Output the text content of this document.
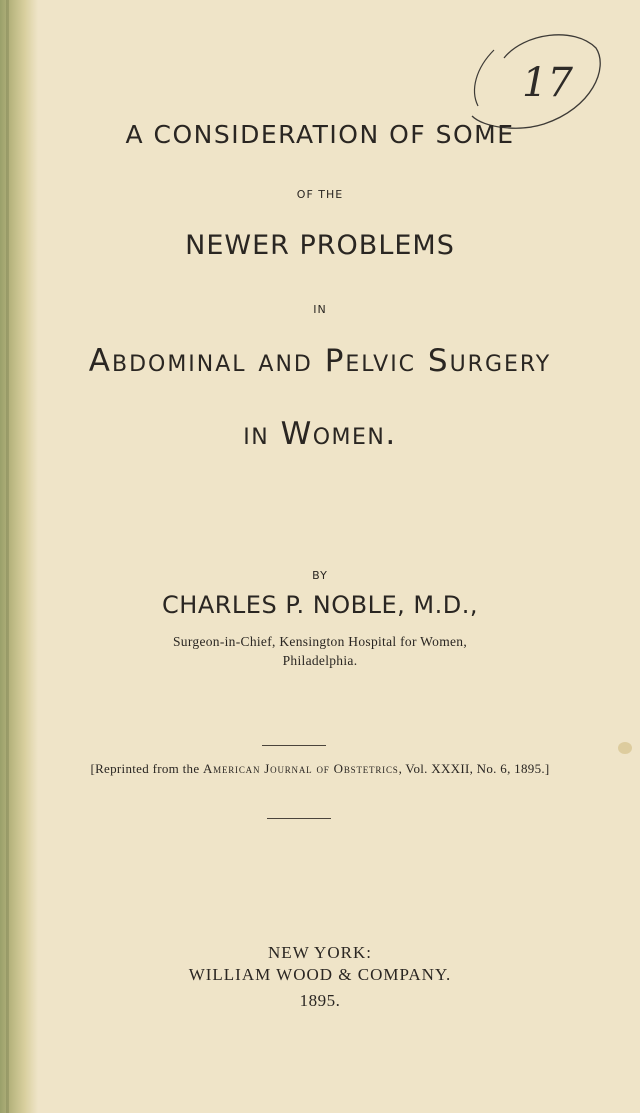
17
A CONSIDERATION OF SOME
OF THE
NEWER PROBLEMS
IN
Abdominal and Pelvic Surgery
in Women.
BY
CHARLES P. NOBLE, M.D.,
Surgeon-in-Chief, Kensington Hospital for Women,
Philadelphia.
[Reprinted from the American Journal of Obstetrics, Vol. XXXII, No. 6, 1895.]
NEW YORK:
WILLIAM WOOD & COMPANY.
1895.
